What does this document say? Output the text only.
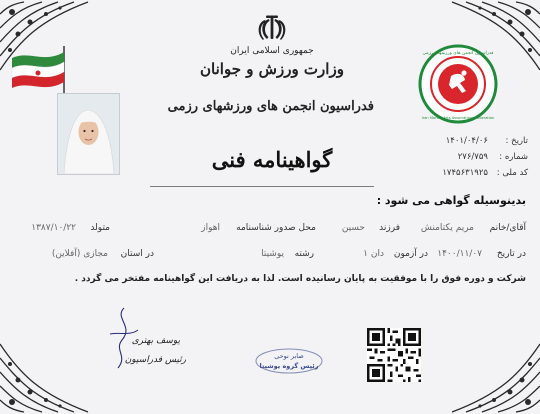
جمهوری اسلامی ایران
وزارت ورزش و جوانان
فدراسیون انجمن های ورزشهای رزمی
فدراسیون انجمن های ورزشهای رزمی
Iran Martial Arts Associations Federation
تاریخ :
۱۴۰۱/۰۴/۰۶
شماره :
۲۷۶/۷۵۹
کد ملی :
۱۷۴۵۶۳۱۹۲۵
گواهینامه فنی
بدینوسیله گواهی می شود :
آقای/خانم
مریم یکتامنش
فرزند
حسین
محل صدور شناسنامه
اهواز
متولد
۱۳۸۷/۱۰/۲۲
در تاریخ
۱۴۰۰/۱۱/۰۷
در آزمون
دان ۱
رشته
یوشیتا
در استان
مجازی (آفلاین)
شرکت و دوره فوق را با موفقیت به پایان رسانیده است. لذا به دریافت این گواهینامه مفتخر می گردد .
یوسف بهتری
رئیس فدراسیون	صابر نوحی
رئیس گروه یوشیتا
